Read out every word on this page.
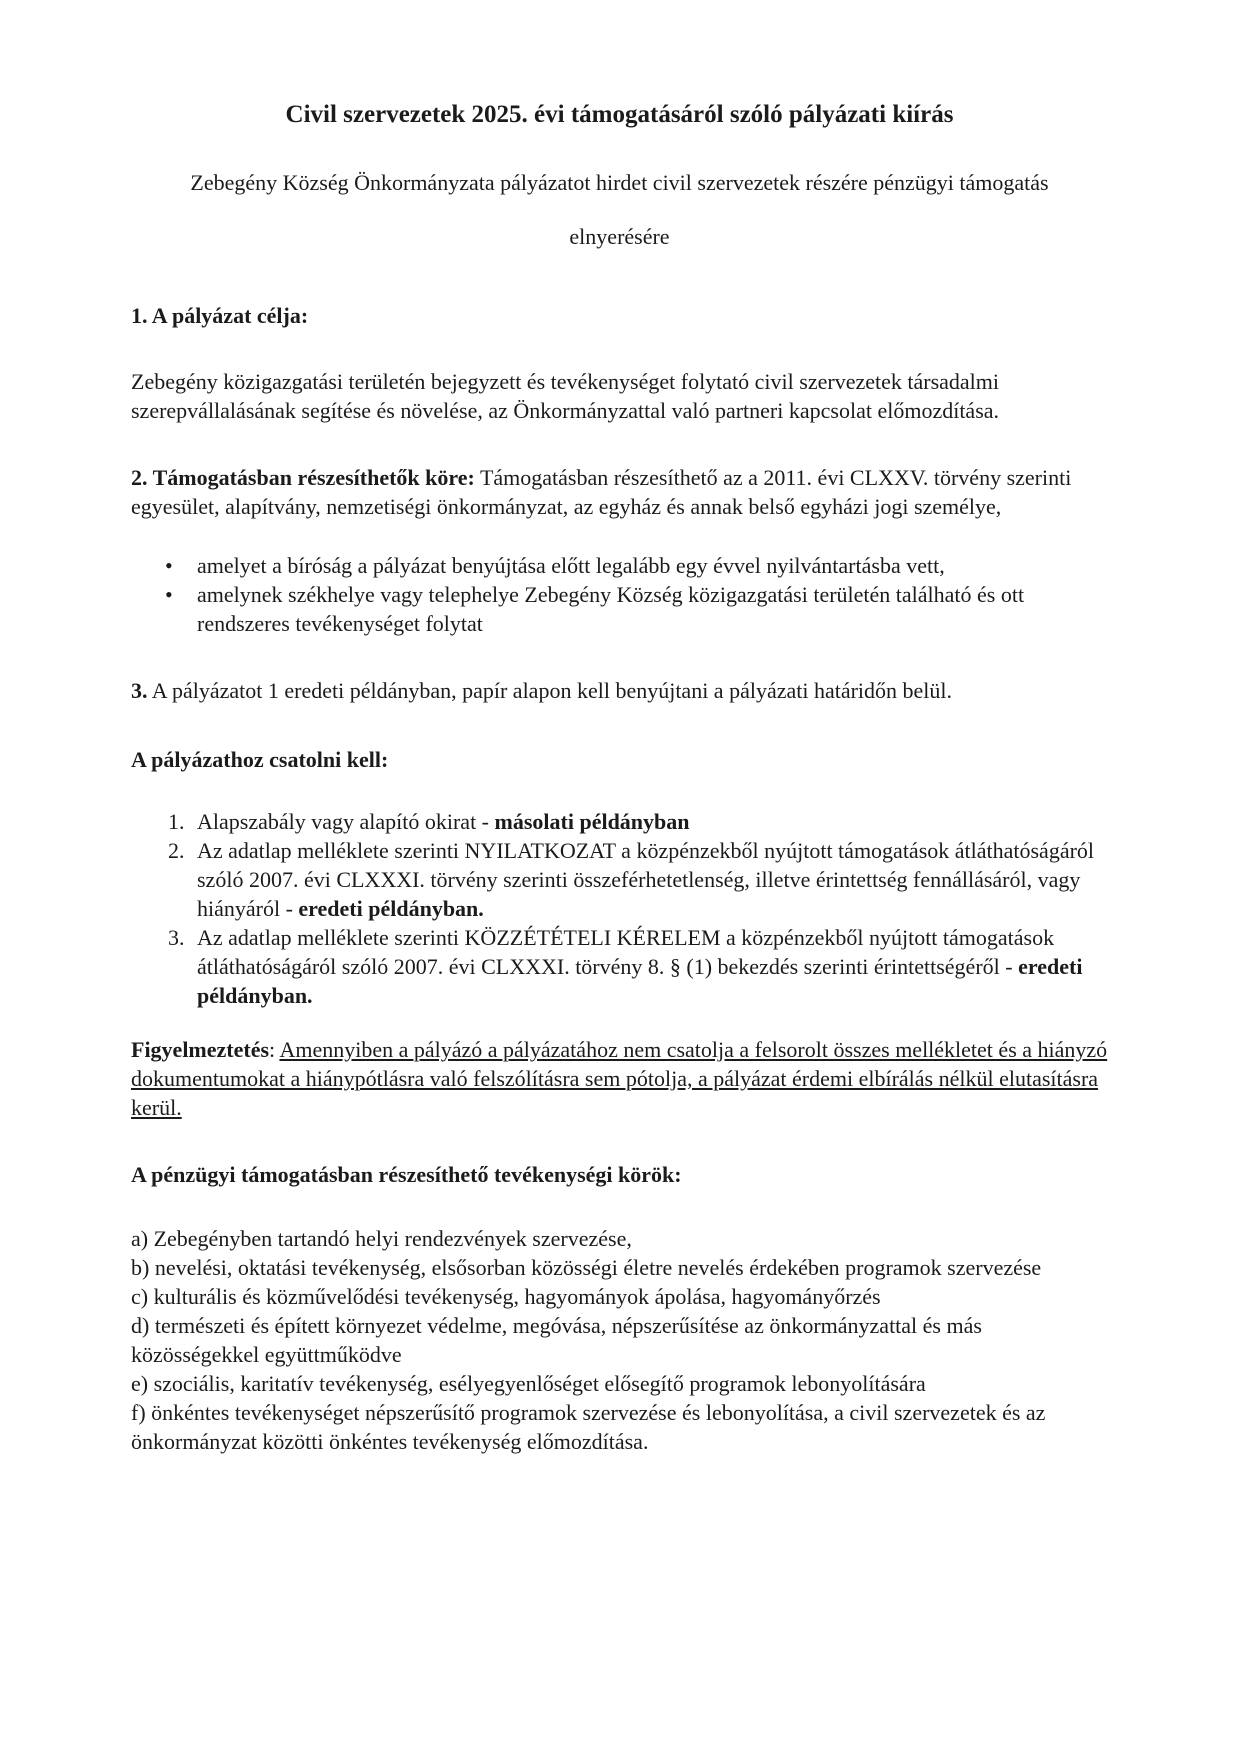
Civil szervezetek 2025. évi támogatásáról szóló pályázati kiírás

Zebegény Község Önkormányzata pályázatot hirdet civil szervezetek részére pénzügyi támogatás

elnyerésére

1. A pályázat célja:

Zebegény közigazgatási területén bejegyzett és tevékenységet folytató civil szervezetek társadalmi szerepvállalásának segítése és növelése, az Önkormányzattal való partneri kapcsolat előmozdítása.

2. Támogatásban részesíthetők köre: Támogatásban részesíthető az a 2011. évi CLXXV. törvény szerinti egyesület, alapítvány, nemzetiségi önkormányzat, az egyház és annak belső egyházi jogi személye,

•	amelyet a bíróság a pályázat benyújtása előtt legalább egy évvel nyilvántartásba vett,
•	amelynek székhelye vagy telephelye Zebegény Község közigazgatási területén található és ott rendszeres tevékenységet folytat

3. A pályázatot 1 eredeti példányban, papír alapon kell benyújtani a pályázati határidőn belül.

A pályázathoz csatolni kell:

1. Alapszabály vagy alapító okirat - másolati példányban
2. Az adatlap melléklete szerinti NYILATKOZAT a közpénzekből nyújtott támogatások átláthatóságáról szóló 2007. évi CLXXXI. törvény szerinti összeférhetetlenség, illetve érintettség fennállásáról, vagy hiányáról - eredeti példányban.
3. Az adatlap melléklete szerinti KÖZZÉTÉTELI KÉRELEM a közpénzekből nyújtott támogatások átláthatóságáról szóló 2007. évi CLXXXI. törvény 8. § (1) bekezdés szerinti érintettségéről - eredeti példányban.

Figyelmeztetés: Amennyiben a pályázó a pályázatához nem csatolja a felsorolt összes mellékletet és a hiányzó dokumentumokat a hiánypótlásra való felszólításra sem pótolja, a pályázat érdemi elbírálás nélkül elutasításra kerül.

A pénzügyi támogatásban részesíthető tevékenységi körök:

a) Zebegényben tartandó helyi rendezvények szervezése,

b) nevelési, oktatási tevékenység, elsősorban közösségi életre nevelés érdekében programok szervezése

c) kulturális és közművelődési tevékenység, hagyományok ápolása, hagyományőrzés

d) természeti és épített környezet védelme, megóvása, népszerűsítése az önkormányzattal és más közösségekkel együttműködve

e) szociális, karitatív tevékenység, esélyegyenlőséget elősegítő programok lebonyolítására

f) önkéntes tevékenységet népszerűsítő programok szervezése és lebonyolítása, a civil szervezetek és az önkormányzat közötti önkéntes tevékenység előmozdítása.
